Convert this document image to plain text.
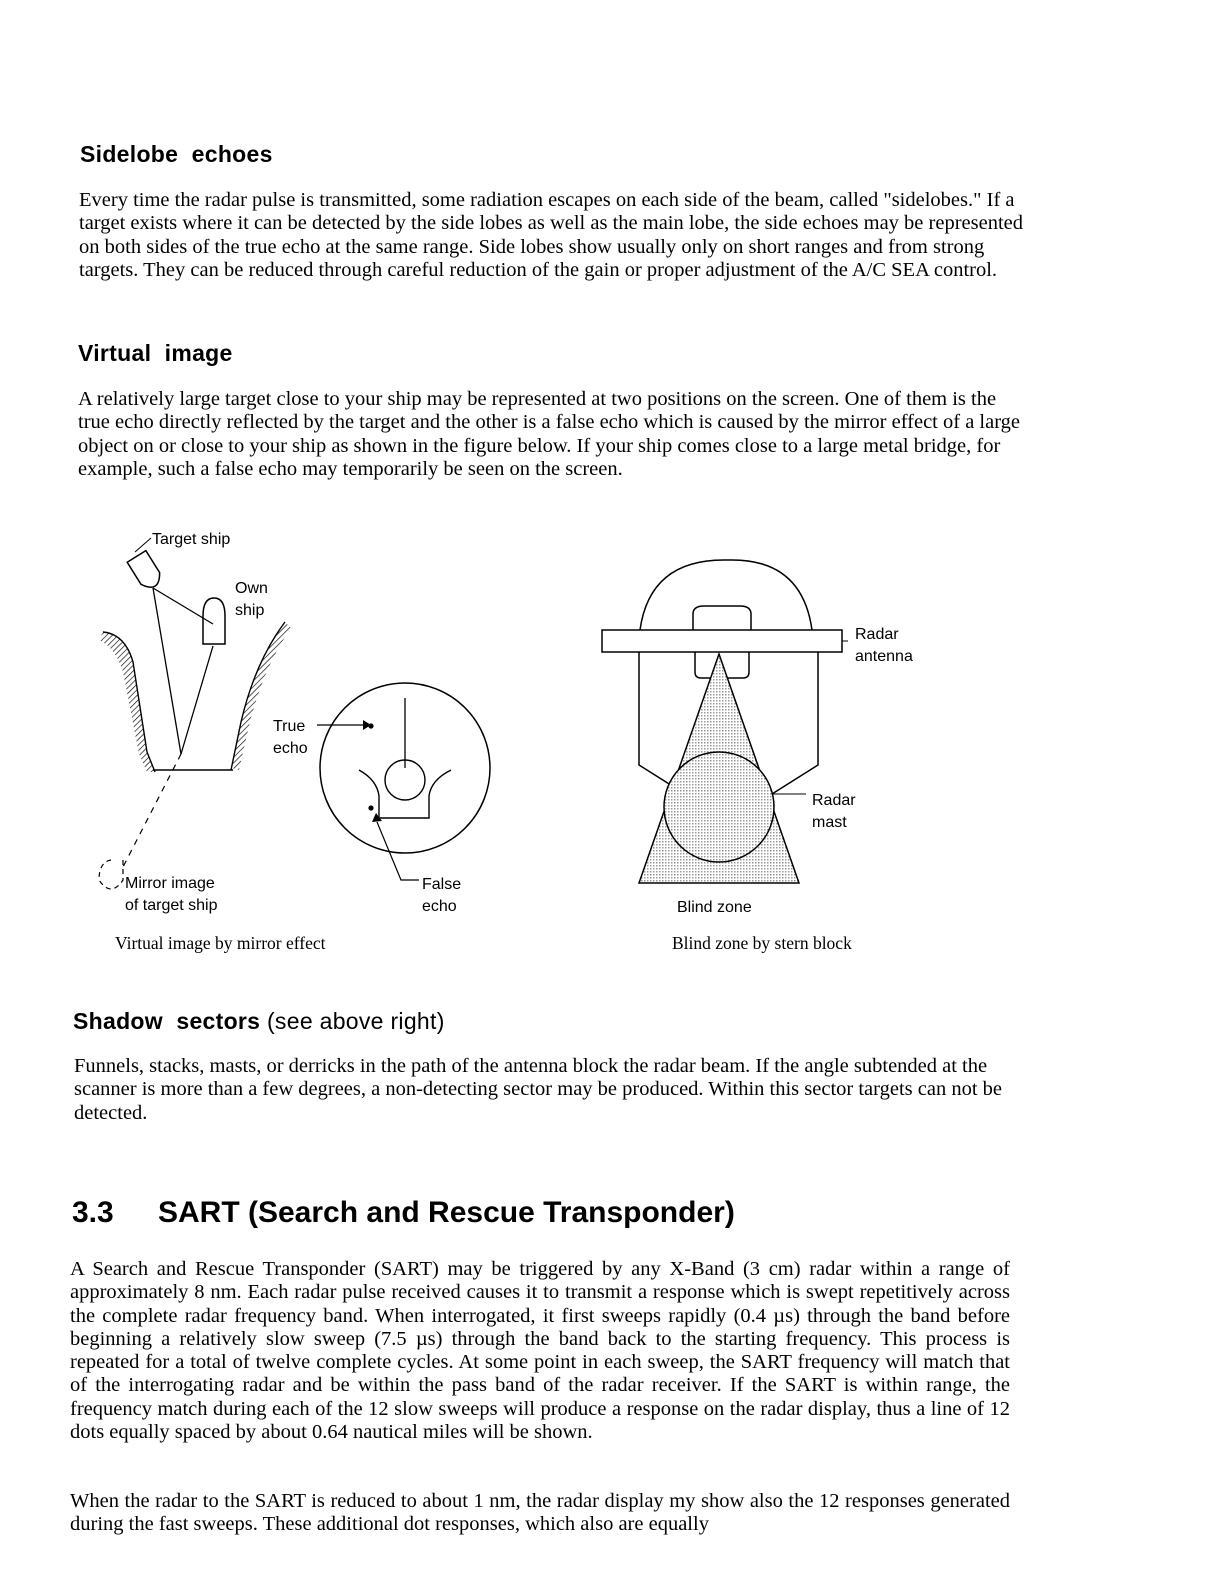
Sidelobe  echoes

Every time the radar pulse is transmitted, some radiation escapes on each side of the beam, called "sidelobes." If a target exists where it can be detected by the side lobes as well as the main lobe, the side echoes may be represented on both sides of the true echo at the same range. Side lobes show usually only on short ranges and from strong targets. They can be reduced through careful reduction of the gain or proper adjustment of the A/C SEA control.

Virtual  image

A relatively large target close to your ship may be represented at two positions on the screen. One of them is the true echo directly reflected by the target and the other is a false echo which is caused by the mirror effect of a large object on or close to your ship as shown in the figure below. If your ship comes close to a large metal bridge, for example, such a false echo may temporarily be seen on the screen.

Target ship
Own
ship
True
echo
Mirror image
of target ship
False
echo
Radar
antenna
Radar
mast
Blind zone

Virtual image by mirror effect	Blind zone by stern block

Shadow  sectors (see above right)

Funnels, stacks, masts, or derricks in the path of the antenna block the radar beam. If the angle subtended at the scanner is more than a few degrees, a non-detecting sector may be produced. Within this sector targets can not be detected.

3.3 SART (Search and Rescue Transponder)

A Search and Rescue Transponder (SART) may be triggered by any X-Band (3 cm) radar within a range of approximately 8 nm. Each radar pulse received causes it to transmit a response which is swept repetitively across the complete radar frequency band. When interrogated, it first sweeps rapidly (0.4 µs) through the band before beginning a relatively slow sweep (7.5 µs) through the band back to the starting frequency. This process is repeated for a total of twelve complete cycles. At some point in each sweep, the SART frequency will match that of the interrogating radar and be within the pass band of the radar receiver. If the SART is within range, the frequency match during each of the 12 slow sweeps will produce a response on the radar display, thus a line of 12 dots equally spaced by about 0.64 nautical miles will be shown.

When the radar to the SART is reduced to about 1 nm, the radar display my show also the 12 responses generated during the fast sweeps. These additional dot responses, which also are equally
